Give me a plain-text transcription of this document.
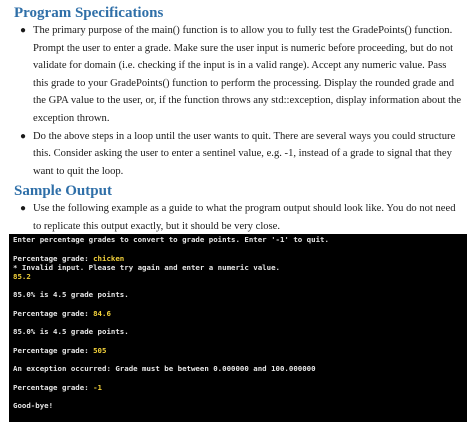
Program Specifications
● The primary purpose of the main() function is to allow you to fully test the GradePoints() function. Prompt the user to enter a grade. Make sure the user input is numeric before proceeding, but do not validate for domain (i.e. checking if the input is in a valid range). Accept any numeric value. Pass this grade to your GradePoints() function to perform the processing. Display the rounded grade and the GPA value to the user, or, if the function throws any std::exception, display information about the exception thrown.
● Do the above steps in a loop until the user wants to quit. There are several ways you could structure this. Consider asking the user to enter a sentinel value, e.g. -1, instead of a grade to signal that they want to quit the loop.
Sample Output
● Use the following example as a guide to what the program output should look like. You do not need to replicate this output exactly, but it should be very close.
Enter percentage grades to convert to grade points. Enter '-1' to quit.
Percentage grade: chicken
* Invalid input. Please try again and enter a numeric value.
85.2
85.0% is 4.5 grade points.
Percentage grade: 84.6
85.0% is 4.5 grade points.
Percentage grade: 505
An exception occurred: Grade must be between 0.000000 and 100.000000
Percentage grade: -1
Good-bye!
